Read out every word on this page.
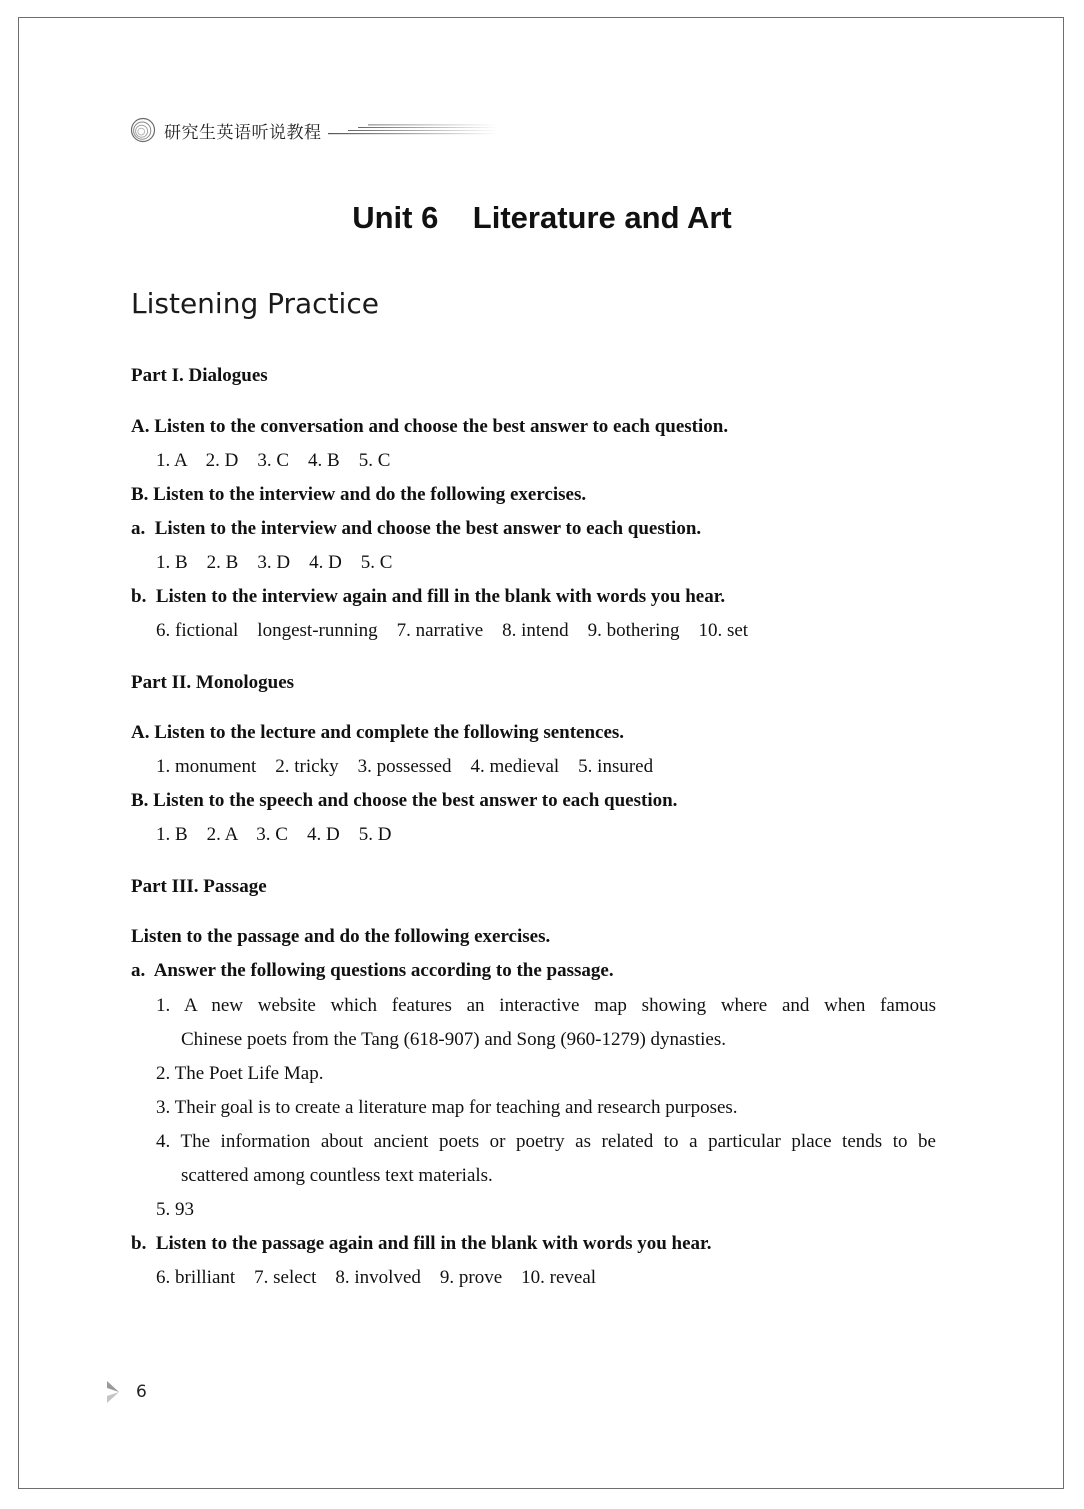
研究生英语听说教程
Unit 6    Literature and Art
Listening Practice
Part I. Dialogues
A. Listen to the conversation and choose the best answer to each question.
1. A    2. D    3. C    4. B    5. C
B. Listen to the interview and do the following exercises.
a.  Listen to the interview and choose the best answer to each question.
1. B    2. B    3. D    4. D    5. C
b.  Listen to the interview again and fill in the blank with words you hear.
6. fictional    longest-running    7. narrative    8. intend    9. bothering    10. set
Part II. Monologues
A. Listen to the lecture and complete the following sentences.
1. monument    2. tricky    3. possessed    4. medieval    5. insured
B. Listen to the speech and choose the best answer to each question.
1. B    2. A    3. C    4. D    5. D
Part III. Passage
Listen to the passage and do the following exercises.
a.  Answer the following questions according to the passage.
1. A new website which features an interactive map showing where and when famous
Chinese poets from the Tang (618-907) and Song (960-1279) dynasties.
2. The Poet Life Map.
3. Their goal is to create a literature map for teaching and research purposes.
4. The information about ancient poets or poetry as related to a particular place tends to be
scattered among countless text materials.
5. 93
b.  Listen to the passage again and fill in the blank with words you hear.
6. brilliant    7. select    8. involved    9. prove    10. reveal
6
